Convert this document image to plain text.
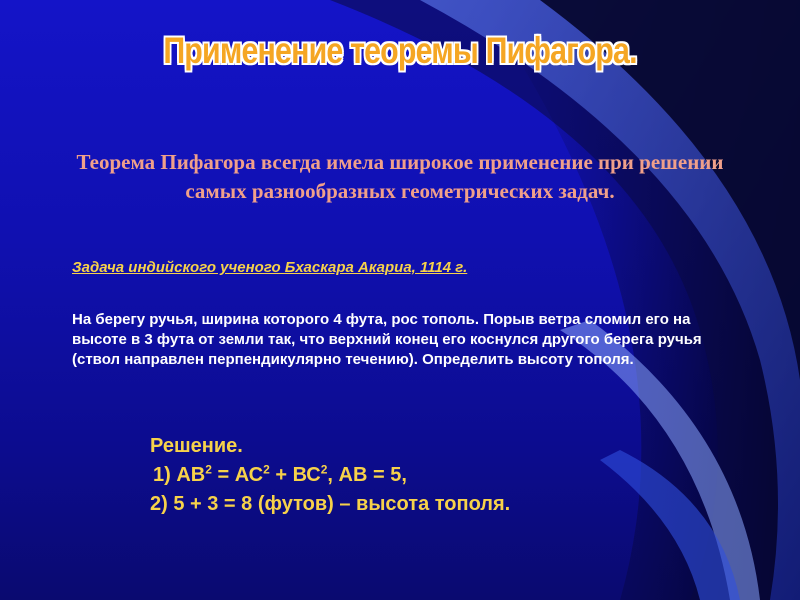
Применение теоремы Пифагора.

Теорема Пифагора всегда имела широкое применение при решении самых разнообразных геометрических задач.

Задача индийского ученого Бхаскара Акариа, 1114 г.

На берегу ручья, ширина которого 4 фута, рос тополь. Порыв ветра сломил его на высоте в 3 фута от земли так, что верхний конец его коснулся другого берега ручья (ствол направлен перпендикулярно течению). Определить высоту тополя.

Решение.
1) $АВ^2 = АС^2 + ВС^2$, АВ = 5,
2) 5 + 3 = 8 (футов) – высота тополя.
